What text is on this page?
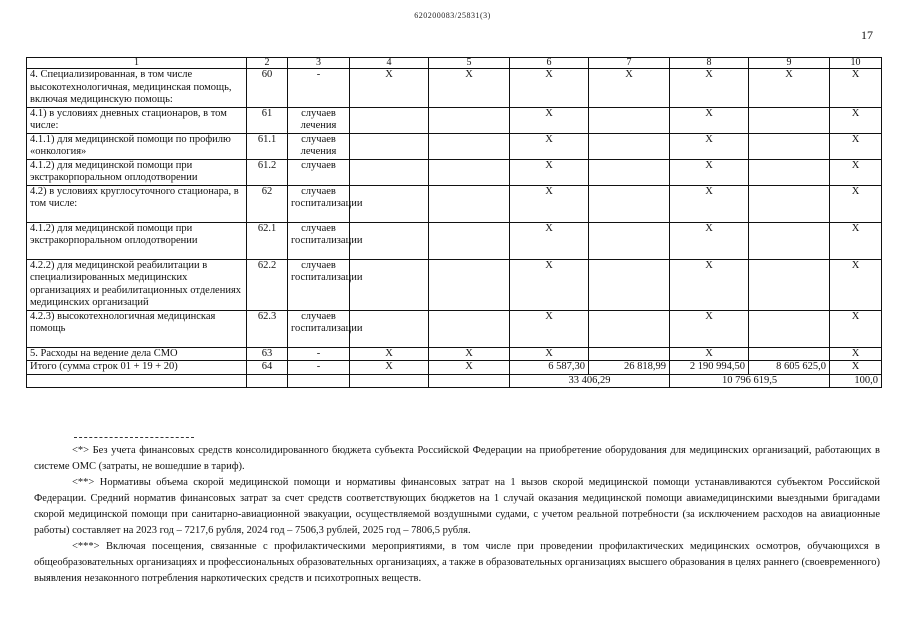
620200083/25831(3)
17
1	2	3	4	5	6	7	8	9	10
4. Специализированная, в том числе высокотехнологичная, медицинская помощь, включая медицинскую помощь:	60	-	X	X	X	X	X	X	X
4.1) в условиях дневных стационаров, в том числе:	61	случаев лечения			X		X		X
4.1.1) для медицинской помощи по профилю «онкология»	61.1	случаев лечения			X		X		X
4.1.2) для медицинской помощи при экстракорпоральном оплодотворении	61.2	случаев			X		X		X
4.2) в условиях круглосуточного стационара, в том числе:	62	случаев госпитализации			X		X		X
4.1.2) для медицинской помощи при экстракорпоральном оплодотворении	62.1	случаев госпитализации			X		X		X
4.2.2) для медицинской реабилитации в специализированных медицинских организациях и реабилитационных отделениях медицинских организаций	62.2	случаев госпитализации			X		X		X
4.2.3) высокотехнологичная медицинская помощь	62.3	случаев госпитализации			X		X		X
5. Расходы на ведение дела СМО	63	-	X	X	X		X		X
Итого (сумма строк 01 + 19 + 20)	64	-	X	X	6 587,30	26 818,99	2 190 994,50	8 605 625,0	X
					33 406,29		10 796 619,5		100,0

<*> Без учета финансовых средств консолидированного бюджета субъекта Российской Федерации на приобретение оборудования для медицинских организаций, работающих в системе ОМС (затраты, не вошедшие в тариф).

<**> Нормативы объема скорой медицинской помощи и нормативы финансовых затрат на 1 вызов скорой медицинской помощи устанавливаются субъектом Российской Федерации. Средний норматив финансовых затрат за счет средств соответствующих бюджетов на 1 случай оказания медицинской помощи авиамедицинскими выездными бригадами скорой медицинской помощи при санитарно-авиационной эвакуации, осуществляемой воздушными судами, с учетом реальной потребности (за исключением расходов на авиационные работы) составляет на 2023 год – 7217,6 рубля, 2024 год – 7506,3 рублей, 2025 год – 7806,5 рубля.

<***> Включая посещения, связанные с профилактическими мероприятиями, в том числе при проведении профилактических медицинских осмотров, обучающихся в общеобразовательных организациях и профессиональных образовательных организациях, а также в образовательных организациях высшего образования в целях раннего (своевременного) выявления незаконного потребления наркотических средств и психотропных веществ.
